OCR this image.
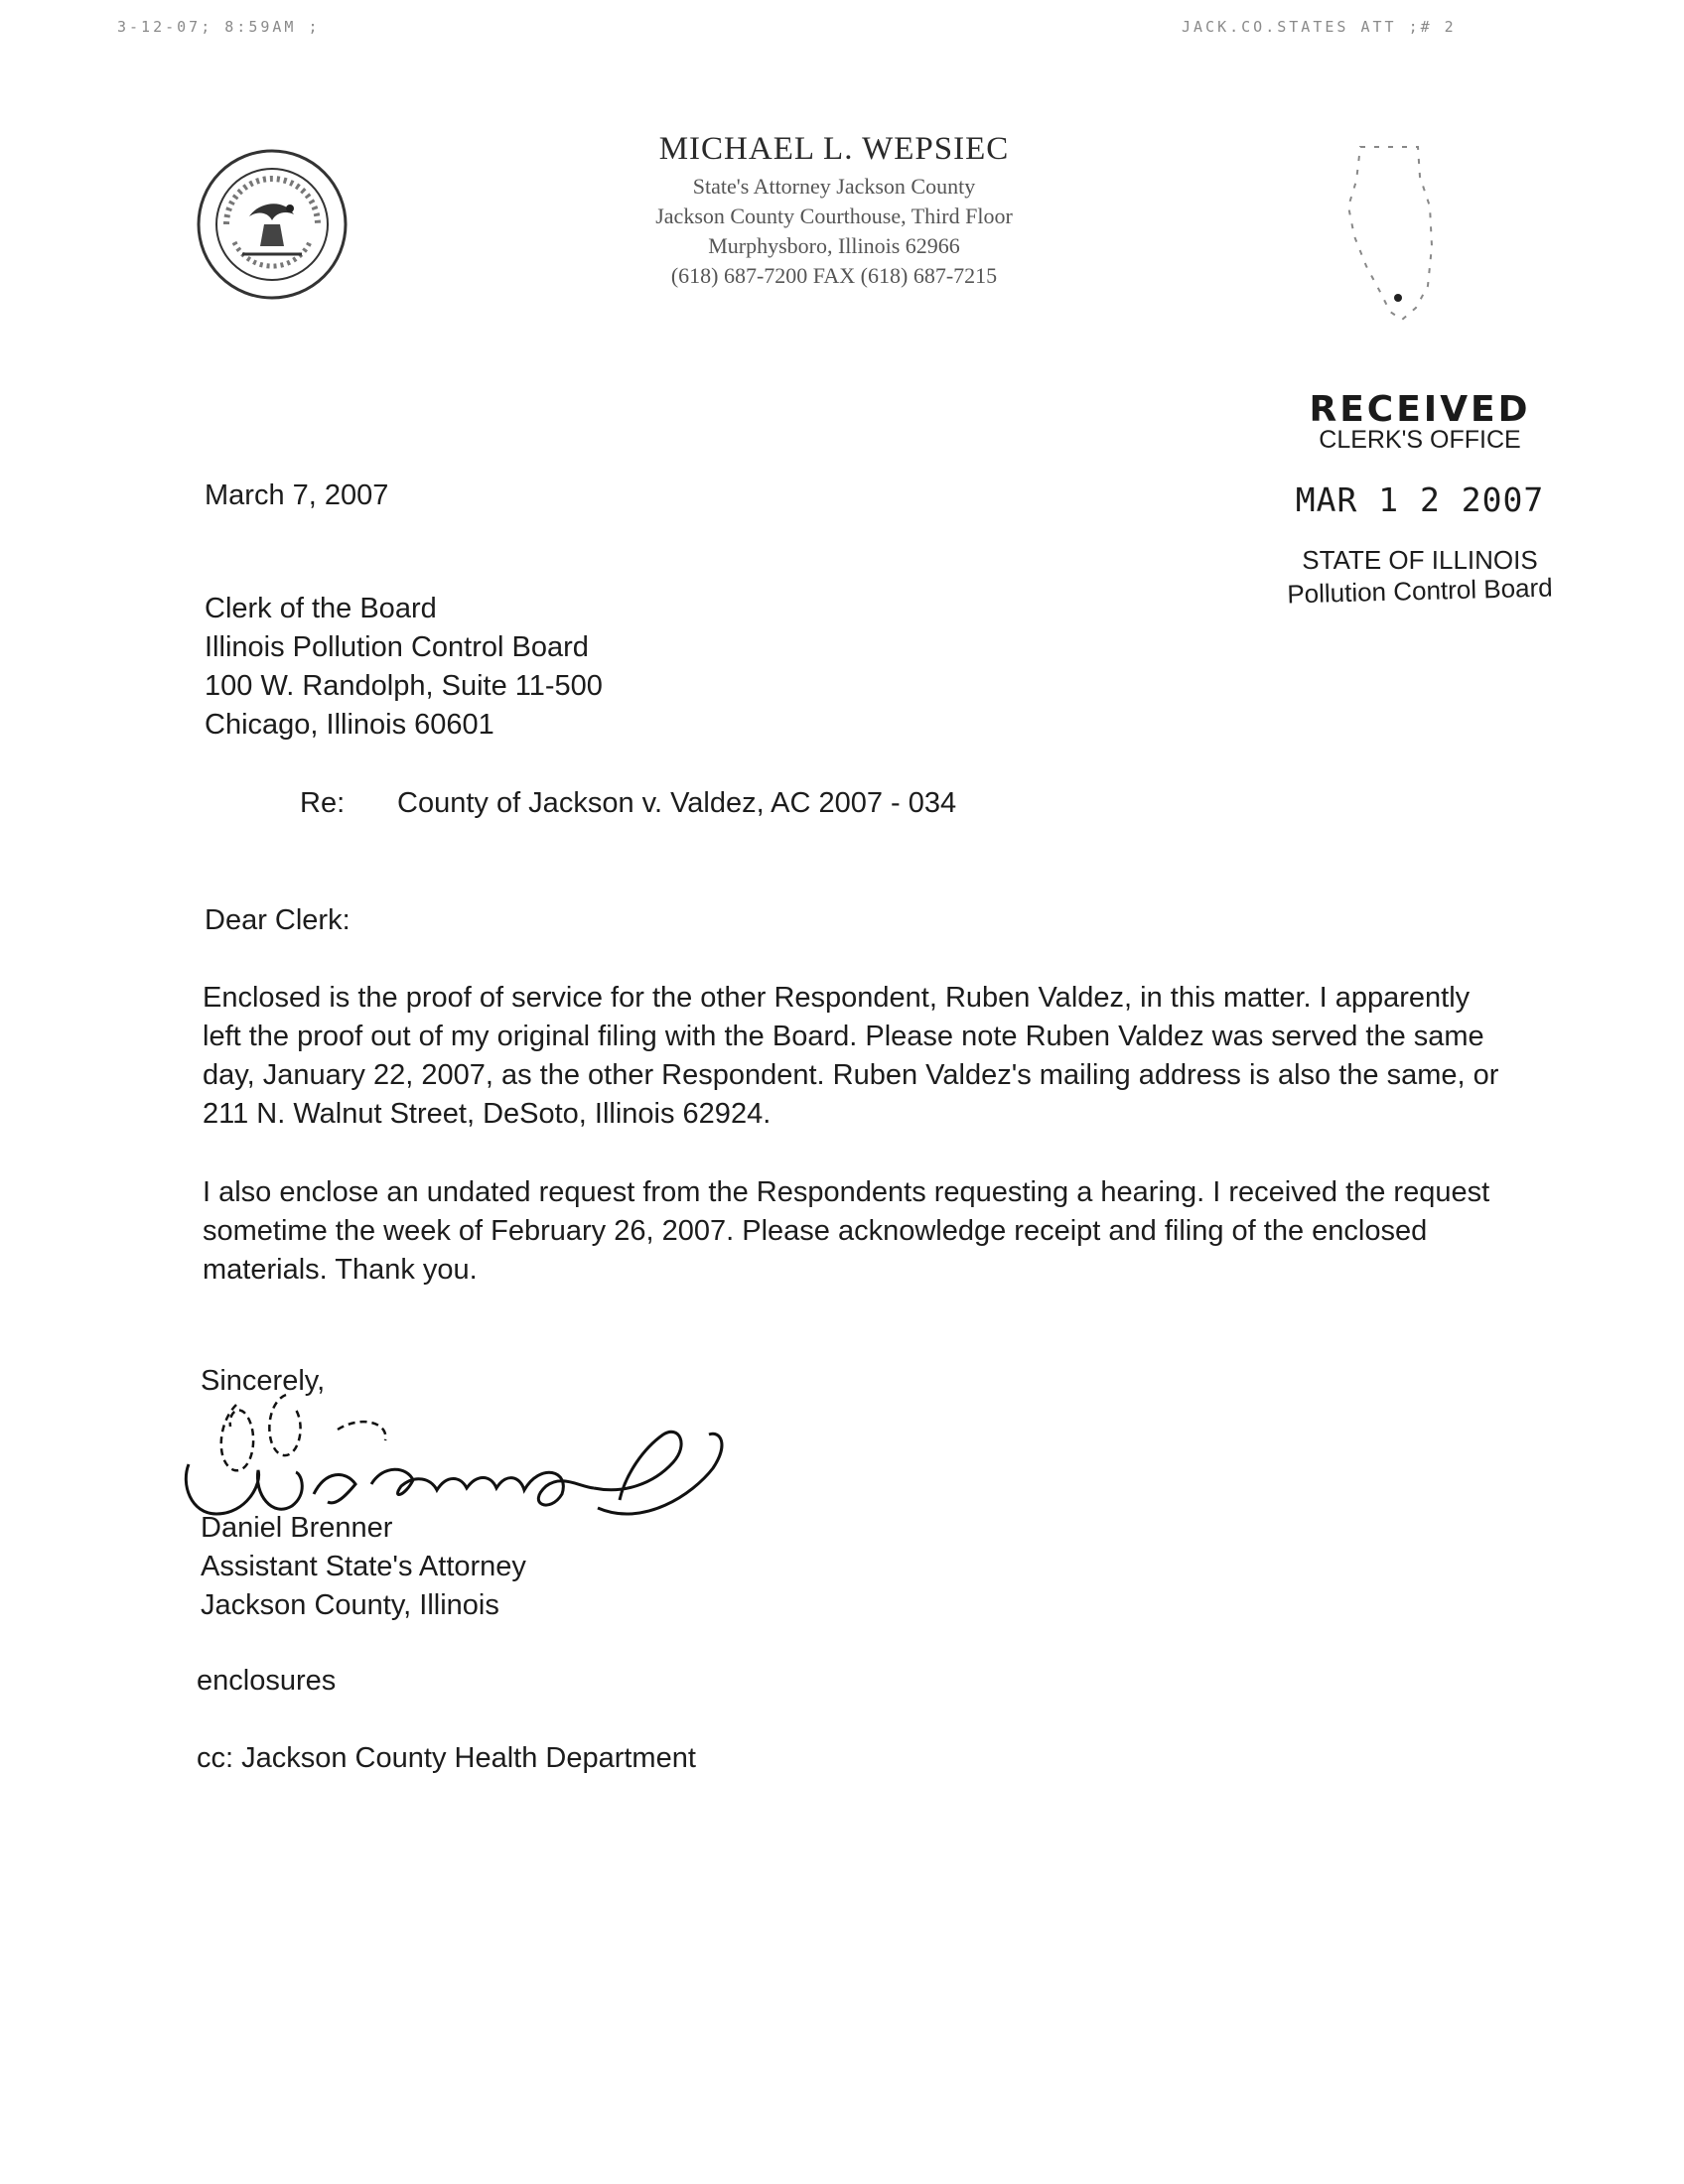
3-12-07; 8:59AM ;	JACK.CO.STATES ATT ;# 2
MICHAEL L. WEPSIEC
State's Attorney Jackson County
Jackson County Courthouse, Third Floor
Murphysboro, Illinois 62966
(618) 687-7200 FAX (618) 687-7215
RECEIVED
CLERK'S OFFICE
MAR 1 2 2007
STATE OF ILLINOIS
Pollution Control Board
March 7, 2007
Clerk of the Board
Illinois Pollution Control Board
100 W. Randolph, Suite 11-500
Chicago, Illinois 60601
Re: County of Jackson v. Valdez, AC 2007 - 034
Dear Clerk:
Enclosed is the proof of service for the other Respondent, Ruben Valdez, in this matter. I apparently left the proof out of my original filing with the Board. Please note Ruben Valdez was served the same day, January 22, 2007, as the other Respondent. Ruben Valdez's mailing address is also the same, or 211 N. Walnut Street, DeSoto, Illinois 62924.
I also enclose an undated request from the Respondents requesting a hearing. I received the request sometime the week of February 26, 2007. Please acknowledge receipt and filing of the enclosed materials. Thank you.
Sincerely,
Daniel Brenner
Assistant State's Attorney
Jackson County, Illinois
enclosures
cc: Jackson County Health Department
